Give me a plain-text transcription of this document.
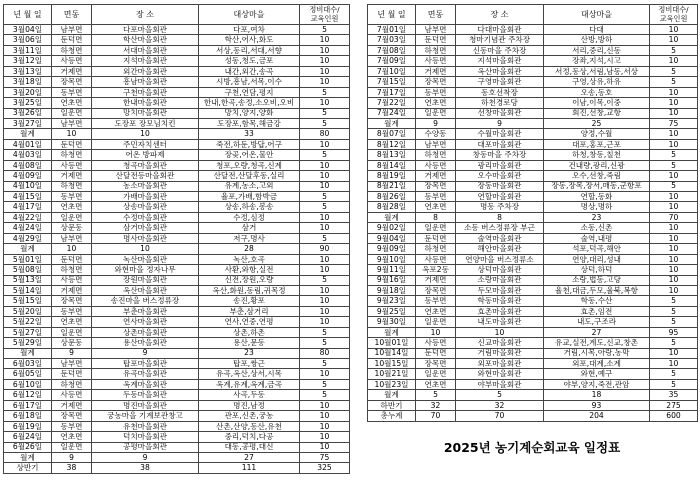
년 월 일	면동	장 소	대상마을	정비대수/
교육인원
3월04일	남부면	다포마을회관	다포,여차	5
3월06일	둔덕면	학산마을회관	학산,어사,화도	10
3월11일	하청면	서대마을회관	서상,동리,서대,서향	10
3월12일	사등면	지석마을회관	성동,청도,금포	10
3월13일	거제면	외간마을회관	내간,외간,송곡	10
3월18일	장목면	흥남마을회관	시방,흥남,서목,이수	10
3월20일	동부면	구천마을회관	구천,연담,평지	5
3월25일	연초면	한내마을회관	한내,한곡,송정,소오비,오비	10
3월26일	일운면	망치마을회관	망치,양지,양화	5
3월27일	남부면	도장포 장모님치킨	도장포,함목,해금강	5
월계	10	10	33	80
4월01일	둔덕면	주민자치센터	죽전,하둔,방답,어구	10
4월03일	하청면	어온 방파제	장곶,어온,물안	5
4월08일	사등면	청곡마을회관	청포,오량,청곡,신계	10
4월09일	거제면	산달전등마을회관	산달전,산달후동,실리	10
4월10일	하청면	농소마을회관	유계,농소,고외	10
4월15일	동부면	가배마을회관	율포,가배,함박금	5
4월17일	연초면	상송마을회관	상송,하송,봉송	5
4월22일	일운면	수정마을회관	수정,심정	10
4월24일	상문동	삼거마을회관	삼거	10
4월29일	남부면	명사마을회관	저구,명사	5
월계	10	10	28	90
5월01일	둔덕면	녹산마을회관	녹산,호곡	10
5월08일	하청면	와현마을 정자나무	사환,와항,실전	10
5월13일	사등면	장원마을회관	신전,장원,오량	5
5월14일	거제면	옥산마을회관	옥산,화원,동림,귀목정	10
5월15일	장목면	송진마을 버스정류장	송진,황포	10
5월20일	동부면	부춘마을회관	부춘,삼거리	10
5월22일	연초면	연사마을회관	연사,연중,연평	10
5월27일	일운면	상촌마을회관	상촌,하촌	5
5월29일	상문동	용산마을회관	용산,문동	5
월계	9	9	23	80
6월03일	남부면	탑포마을회관	탑포,쌍근	5
6월05일	둔덕면	유곡마을회관	유곡,옥산,상서,시목	10
6월10일	하청면	옥계마을회관	옥계,유계,옥계,금곡	5
6월12일	사등면	두동마을회관	사곡,두동	5
6월17일	거제면	명진마을회관	명진,남정	10
6월18일	장목면	궁농마을 기계보관창고	관포,신촌,궁농	10
6월19일	동부면	유천마을회관	산촌,산양,동산,유천	10
6월24일	연초면	덕치마을회관	중리,덕치,다공	10
6월26일	일운면	공평마을회관	대동,공평,대신	10
월계	9	9	27	75
상반기	38	38	111	325
년 월 일	면동	장 소	대상마을	정비대수/
교육인원
7월01일	남부면	다대마을회관	다대	10
7월03일	둔덕면	청마기념관 주차장	산방,방하	10
7월08일	하청면	신동마을 주차장	서리,중리,신동	5
7월09일	사등면	지석마을회관	장좌,지석,시고	10
7월10일	거제면	옥산마을회관	서정,동상,서림,남동,서상	5
7월15일	장목면	구영마을회관	구영,상유,하유	5
7월17일	동부면	동호선착장	오송,동호	10
7월22일	연초면	하천경로당	이남,이목,이중	10
7월24일	일운면	선창마을회관	회진,선창,교항	10
월계	9	9	25	75
8월07일	수양동	수월마을회관	양정,수월	10
8월12일	남부면	대포마을회관	대포,홍포,근포	10
8월13일	하청면	창동마을 주차장	하청,창동,칠천	5
8월14일	사등면	광리마을회관	건내량,광리,신광	5
8월19일	거제면	오수마을회관	오수,선창,죽림	10
8월21일	장목면	장동마을회관	장동,장목,장서,매동,군항포	5
8월26일	동부면	연할마을회관	연할,동화	10
8월28일	연초면	명동 주차장	명상,명하	10
월계	8	8	23	70
9월02일	일운면	소동 버스정류장 부근	소동,신촌	10
9월04일	둔덕면	술역마을회관	술역,내평	10
9월09일	하청면	해안마을회관	석포,덕곡,해안	10
9월10일	사등면	연양마을 버스정류소	연양,대리,성내	10
9월11일	옥포2동	상덕마을회관	상덕,하덕	10
9월16일	거제면	소랑마을회관	소랑,법동,고당	10
9월18일	장목면	두모마을회관	율천,대금,두모,율북,복항	10
9월23일	동부면	학동마을회관	학동,수산	5
9월25일	연초면	효촌마을회관	효촌,임전	5
9월30일	일운면	내도마을회관	내도,구조라	5
월계	10	10	27	95
10월01일	사등면	신교마을회관	유교,실전,계도,신교,창촌	5
10월14일	둔덕면	거림마을회관	거림,시목,아랑,농막	10
10월15일	장목면	외포마을회관	외포,대계,소계	10
10월21일	일운면	와현마을회관	와현,예구	5
10월23일	연초면	야부마을회관	야부,양지,죽전,관암	5
월계	5	5	18	35
하반기	32	32	93	275
총누계	70	70	204	600
2025년 농기계순회교육 일정표
